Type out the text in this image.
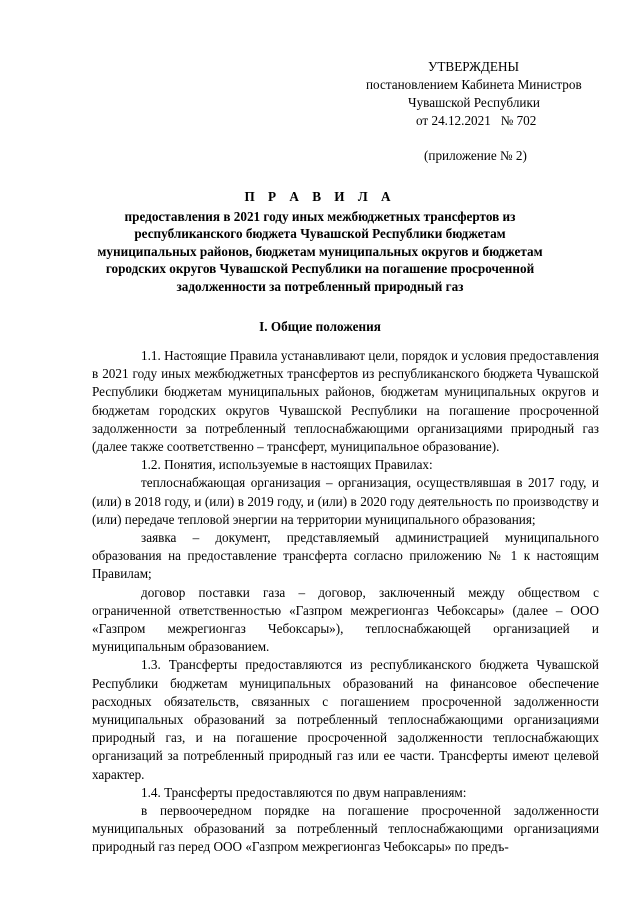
УТВЕРЖДЕНЫ
постановлением Кабинета Министров
Чувашской Республики
от 24.12.2021   № 702
(приложение № 2)
П Р А В И Л А
предоставления в 2021 году иных межбюджетных трансфертов из республиканского бюджета Чувашской Республики бюджетам муниципальных районов, бюджетам муниципальных округов и бюджетам городских округов Чувашской Республики на погашение просроченной задолженности за потребленный природный газ
I. Общие положения

1.1. Настоящие Правила устанавливают цели, порядок и условия предоставления в 2021 году иных межбюджетных трансфертов из республиканского бюджета Чувашской Республики бюджетам муниципальных районов, бюджетам муниципальных округов и бюджетам городских округов Чувашской Республики на погашение просроченной задолженности за потребленный теплоснабжающими организациями природный газ (далее также соответственно – трансферт, муниципальное образование).

1.2. Понятия, используемые в настоящих Правилах:

теплоснабжающая организация – организация, осуществлявшая в 2017 году, и (или) в 2018 году, и (или) в 2019 году, и (или) в 2020 году деятельность по производству и (или) передаче тепловой энергии на территории муниципального образования;

заявка – документ, представляемый администрацией муниципального образования на предоставление трансферта согласно приложению № 1 к настоящим Правилам;

договор поставки газа – договор, заключенный между обществом с ограниченной ответственностью «Газпром межрегионгаз Чебоксары» (далее – ООО «Газпром межрегионгаз Чебоксары»), теплоснабжающей организацией и муниципальным образованием.

1.3. Трансферты предоставляются из республиканского бюджета Чувашской Республики бюджетам муниципальных образований на финансовое обеспечение расходных обязательств, связанных с погашением просроченной задолженности муниципальных образований за потребленный теплоснабжающими организациями природный газ, и на погашение просроченной задолженности теплоснабжающих организаций за потребленный природный газ или ее части. Трансферты имеют целевой характер.

1.4. Трансферты предоставляются по двум направлениям:

в первоочередном порядке на погашение просроченной задолженности муниципальных образований за потребленный теплоснабжающими организациями природный газ перед ООО «Газпром межрегионгаз Чебоксары» по предъ-
